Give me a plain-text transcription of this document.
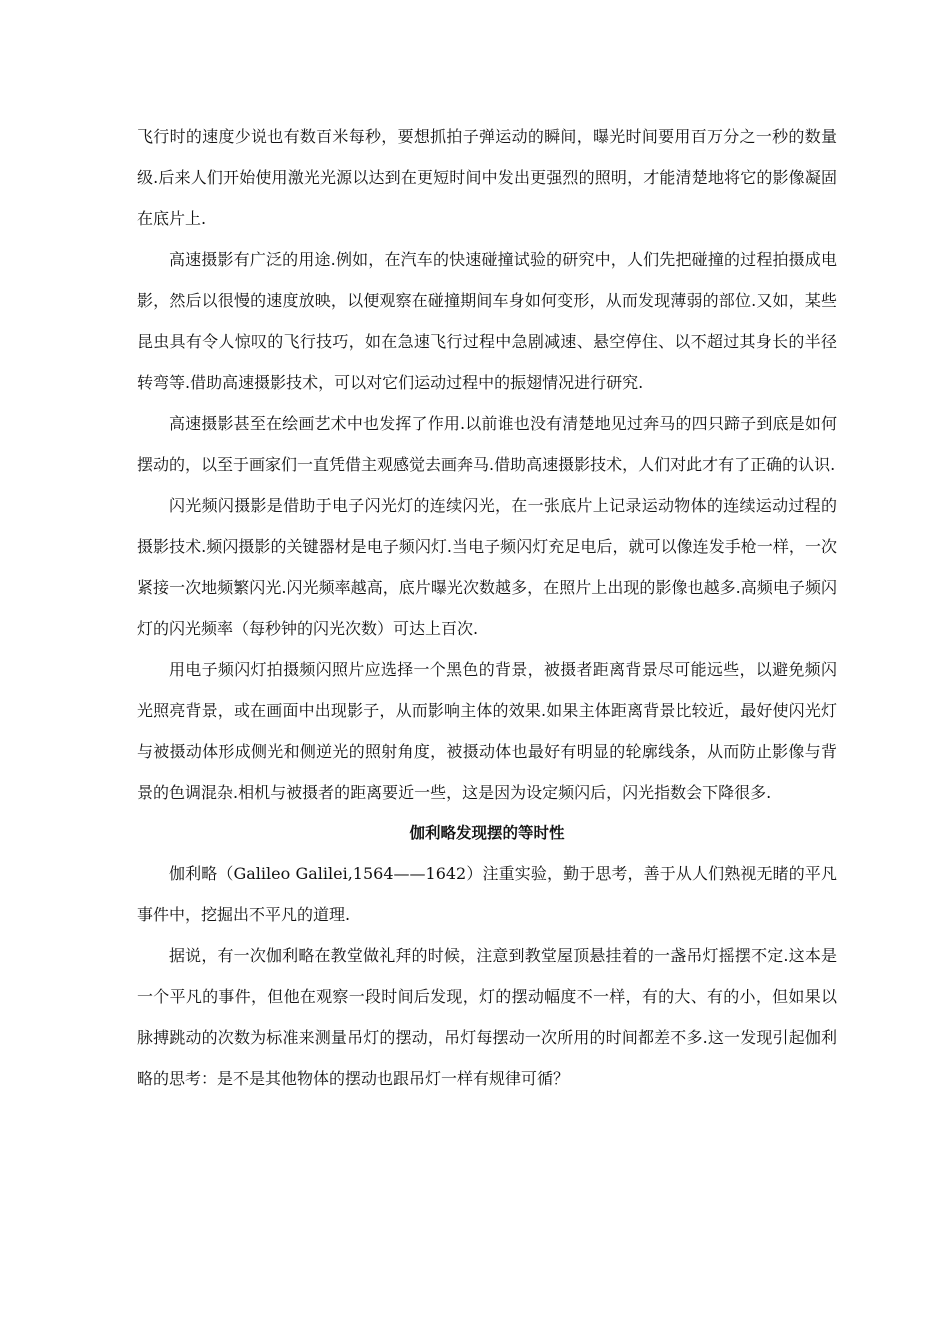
飞行时的速度少说也有数百米每秒，要想抓拍子弹运动的瞬间，曝光时间要用百万分之一秒的数量级.后来人们开始使用激光光源以达到在更短时间中发出更强烈的照明，才能清楚地将它的影像凝固在底片上.

高速摄影有广泛的用途.例如，在汽车的快速碰撞试验的研究中，人们先把碰撞的过程拍摄成电影，然后以很慢的速度放映，以便观察在碰撞期间车身如何变形，从而发现薄弱的部位.又如，某些昆虫具有令人惊叹的飞行技巧，如在急速飞行过程中急剧减速、悬空停住、以不超过其身长的半径转弯等.借助高速摄影技术，可以对它们运动过程中的振翅情况进行研究.

高速摄影甚至在绘画艺术中也发挥了作用.以前谁也没有清楚地见过奔马的四只蹄子到底是如何摆动的，以至于画家们一直凭借主观感觉去画奔马.借助高速摄影技术，人们对此才有了正确的认识.

闪光频闪摄影是借助于电子闪光灯的连续闪光，在一张底片上记录运动物体的连续运动过程的摄影技术.频闪摄影的关键器材是电子频闪灯.当电子频闪灯充足电后，就可以像连发手枪一样，一次紧接一次地频繁闪光.闪光频率越高，底片曝光次数越多，在照片上出现的影像也越多.高频电子频闪灯的闪光频率（每秒钟的闪光次数）可达上百次.

用电子频闪灯拍摄频闪照片应选择一个黑色的背景，被摄者距离背景尽可能远些，以避免频闪光照亮背景，或在画面中出现影子，从而影响主体的效果.如果主体距离背景比较近，最好使闪光灯与被摄动体形成侧光和侧逆光的照射角度，被摄动体也最好有明显的轮廓线条，从而防止影像与背景的色调混杂.相机与被摄者的距离要近一些，这是因为设定频闪后，闪光指数会下降很多.

伽利略发现摆的等时性

伽利略（Galileo Galilei,1564——1642）注重实验，勤于思考，善于从人们熟视无睹的平凡事件中，挖掘出不平凡的道理.

据说，有一次伽利略在教堂做礼拜的时候，注意到教堂屋顶悬挂着的一盏吊灯摇摆不定.这本是一个平凡的事件，但他在观察一段时间后发现，灯的摆动幅度不一样，有的大、有的小，但如果以脉搏跳动的次数为标准来测量吊灯的摆动，吊灯每摆动一次所用的时间都差不多.这一发现引起伽利略的思考：是不是其他物体的摆动也跟吊灯一样有规律可循？
